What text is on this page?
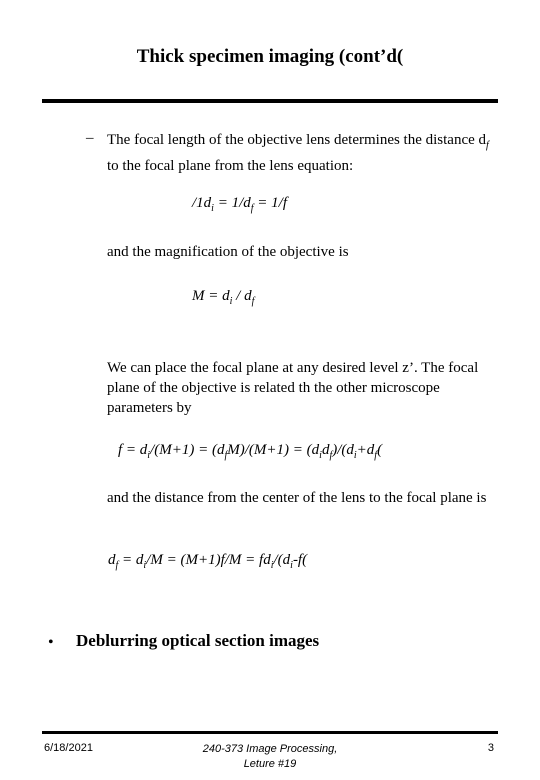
Thick specimen imaging (cont’d(
– The focal length of the objective lens determines the distance $d_f$ to the focal plane from the lens equation:
$/1d_i = 1/d_f = 1/f$
and the magnification of the objective is
$M = d_i / d_f$
We can place the focal plane at any desired level z’. The focal plane of the objective is related th the other microscope parameters by
$f = d_i/(M+1) = (d_fM)/(M+1) = (d_id_f)/(d_i+d_f$(
and the distance from the center of the lens to the focal plane is
$d_f = d_i/M = (M+1)f/M = fd_i/(d_i-f$(
• Deblurring optical section images
6/18/2021	240-373 Image Processing,
Leture #19
3
